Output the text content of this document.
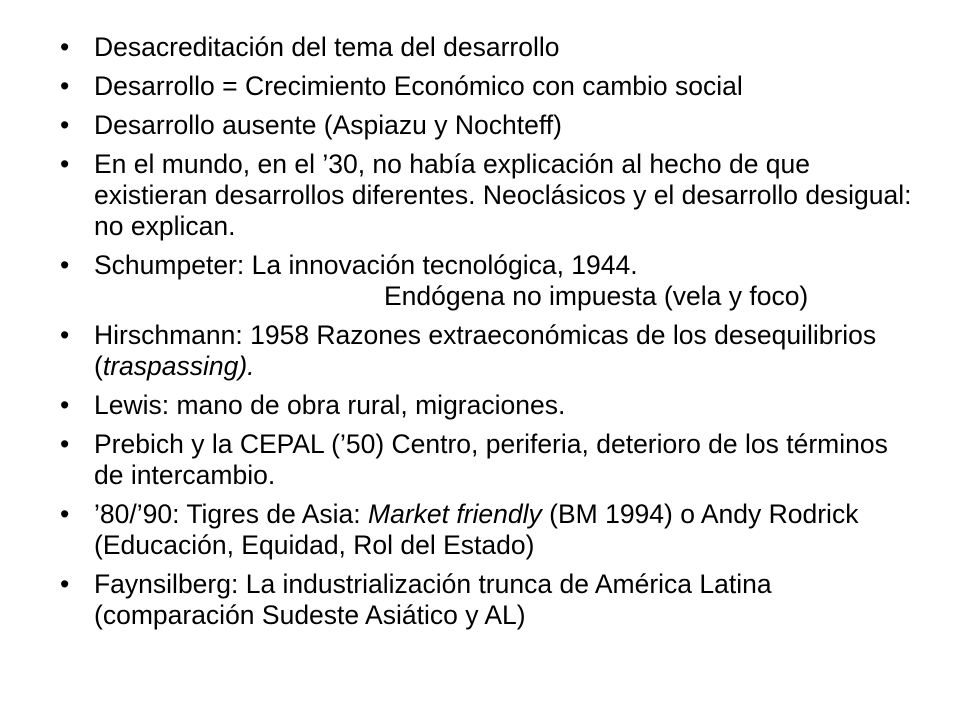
• Desacreditación del tema del desarrollo
• Desarrollo = Crecimiento Económico con cambio social
• Desarrollo ausente (Aspiazu y Nochteff)
• En el mundo, en el ’30, no había explicación al hecho de que existieran desarrollos diferentes. Neoclásicos y el desarrollo desigual: no explican.
• Schumpeter: La innovación tecnológica, 1944.
Endógena no impuesta (vela y foco)
• Hirschmann: 1958 Razones extraeconómicas de los desequilibrios (traspassing).
• Lewis: mano de obra rural, migraciones.
• Prebich y la CEPAL (’50) Centro, periferia, deterioro de los términos de intercambio.
• ’80/’90: Tigres de Asia: Market friendly (BM 1994) o Andy Rodrick (Educación, Equidad, Rol del Estado)
• Faynsilberg: La industrialización trunca de América Latina (comparación Sudeste Asiático y AL)
